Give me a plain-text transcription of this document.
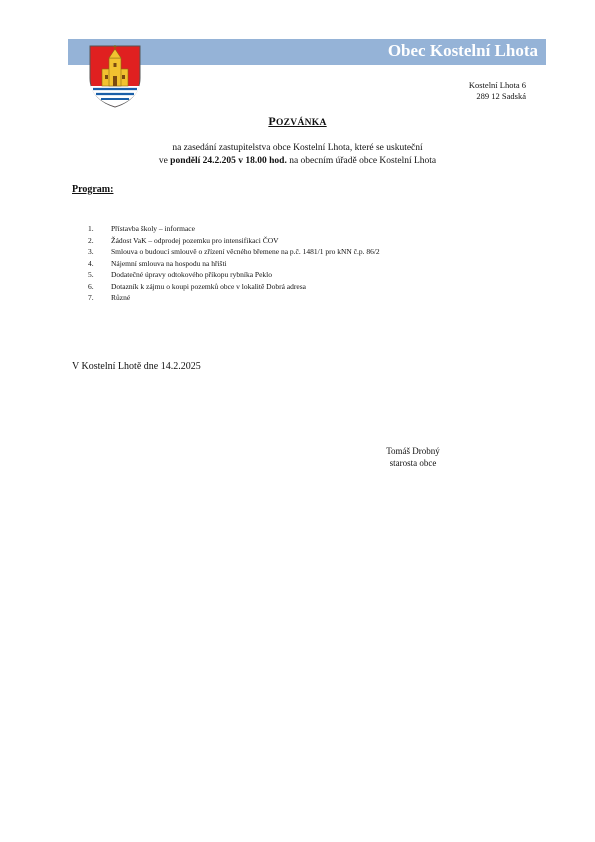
Obec Kostelní Lhota
Kostelní Lhota 6
289 12 Sadská
POZVÁNKA
na zasedání zastupitelstva obce Kostelní Lhota, které se uskuteční
ve pondělí 24.2.205 v 18.00 hod. na obecním úřadě obce Kostelní Lhota
Program:
1. Přístavba školy – informace
2. Žádost VaK – odprodej pozemku pro intensifikaci ČOV
3. Smlouva o budoucí smlouvě o zřízení věcného břemene na p.č. 1481/1 pro kNN č.p. 86/2
4. Nájemní smlouva na hospodu na hřišti
5. Dodatečné úpravy odtokového příkopu rybníka Peklo
6. Dotazník k zájmu o koupi pozemků obce v lokalitě Dobrá adresa
7. Různé
V Kostelní Lhotě dne 14.2.2025
Tomáš Drobný
starosta obce
